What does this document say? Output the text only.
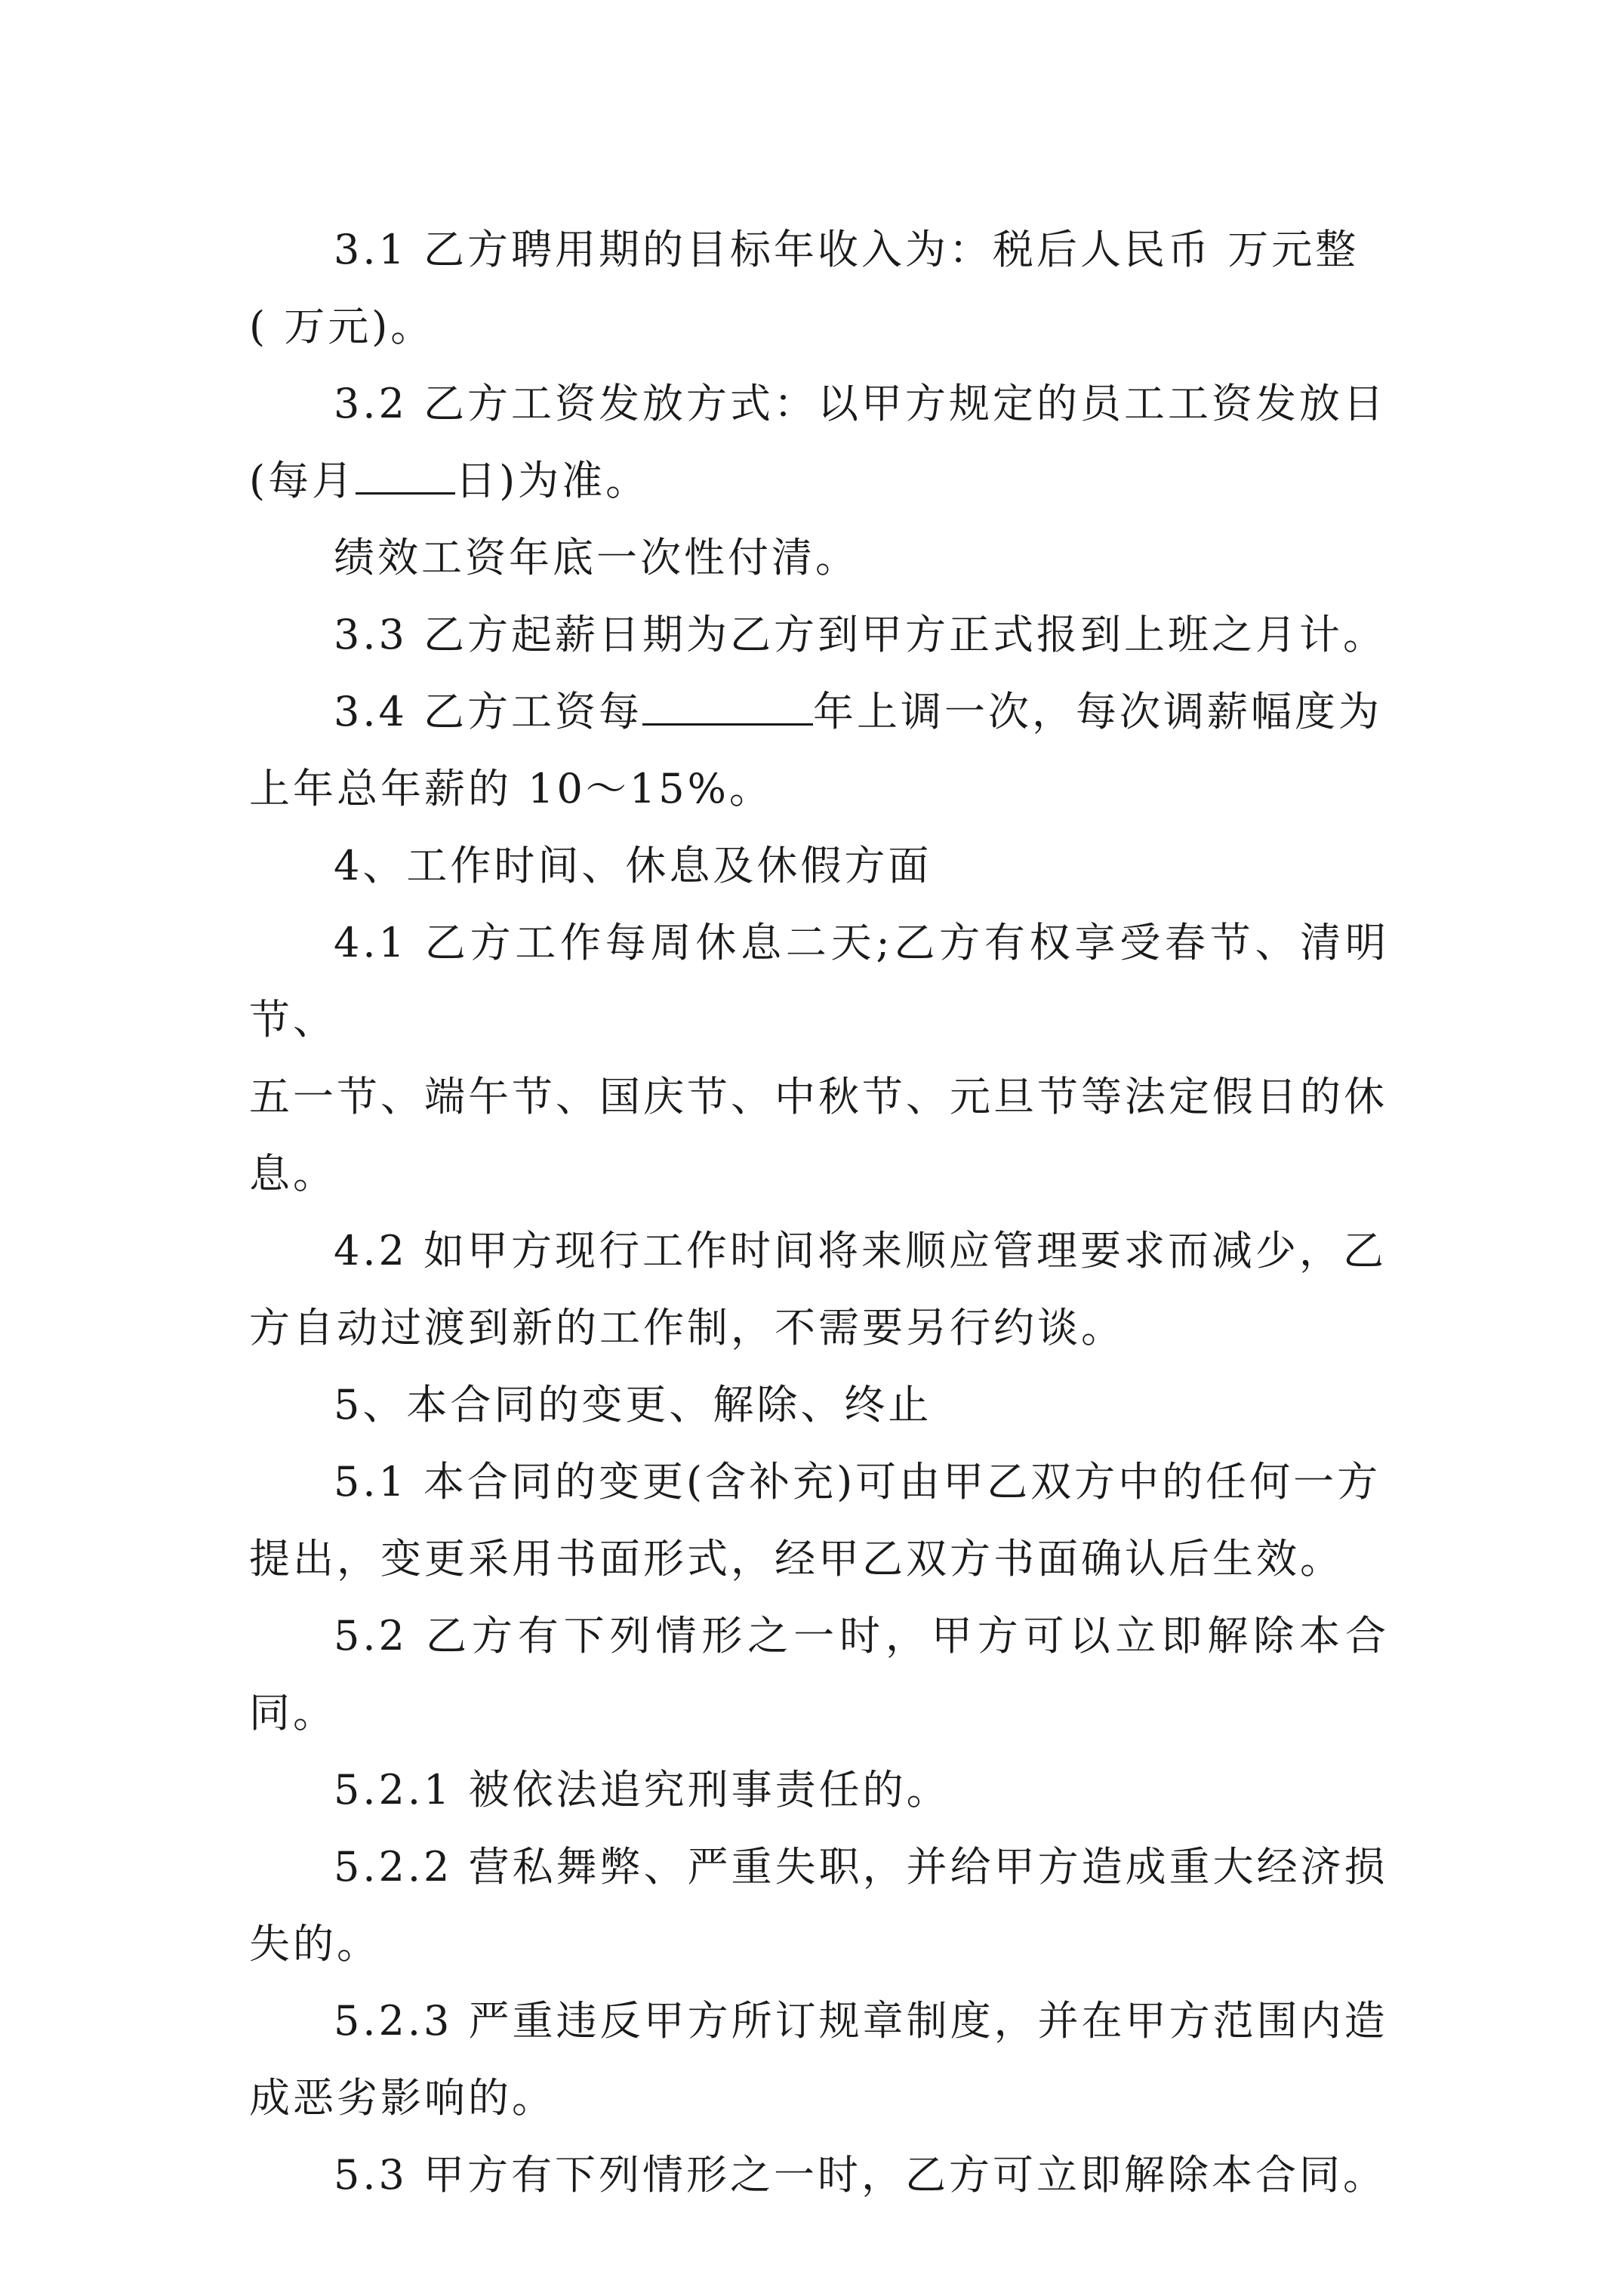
3.1 乙方聘用期的目标年收入为：税后人民币 万元整

( 万元)。

3.2 乙方工资发放方式：以甲方规定的员工工资发放日

(每月 日)为准。

绩效工资年底一次性付清。

3.3 乙方起薪日期为乙方到甲方正式报到上班之月计。

3.4 乙方工资每	年上调一次，每次调薪幅度为

上年总年薪的 10～15%。

4、工作时间、休息及休假方面

4.1 乙方工作每周休息二天;乙方有权享受春节、清明节、

五一节、端午节、国庆节、中秋节、元旦节等法定假日的休

息。

4.2 如甲方现行工作时间将来顺应管理要求而减少，乙

方自动过渡到新的工作制，不需要另行约谈。

5、本合同的变更、解除、终止

5.1 本合同的变更(含补充)可由甲乙双方中的任何一方

提出，变更采用书面形式，经甲乙双方书面确认后生效。

5.2 乙方有下列情形之一时，甲方可以立即解除本合同。

5.2.1 被依法追究刑事责任的。

5.2.2 营私舞弊、严重失职，并给甲方造成重大经济损

失的。

5.2.3 严重违反甲方所订规章制度，并在甲方范围内造

成恶劣影响的。

5.3 甲方有下列情形之一时，乙方可立即解除本合同。
